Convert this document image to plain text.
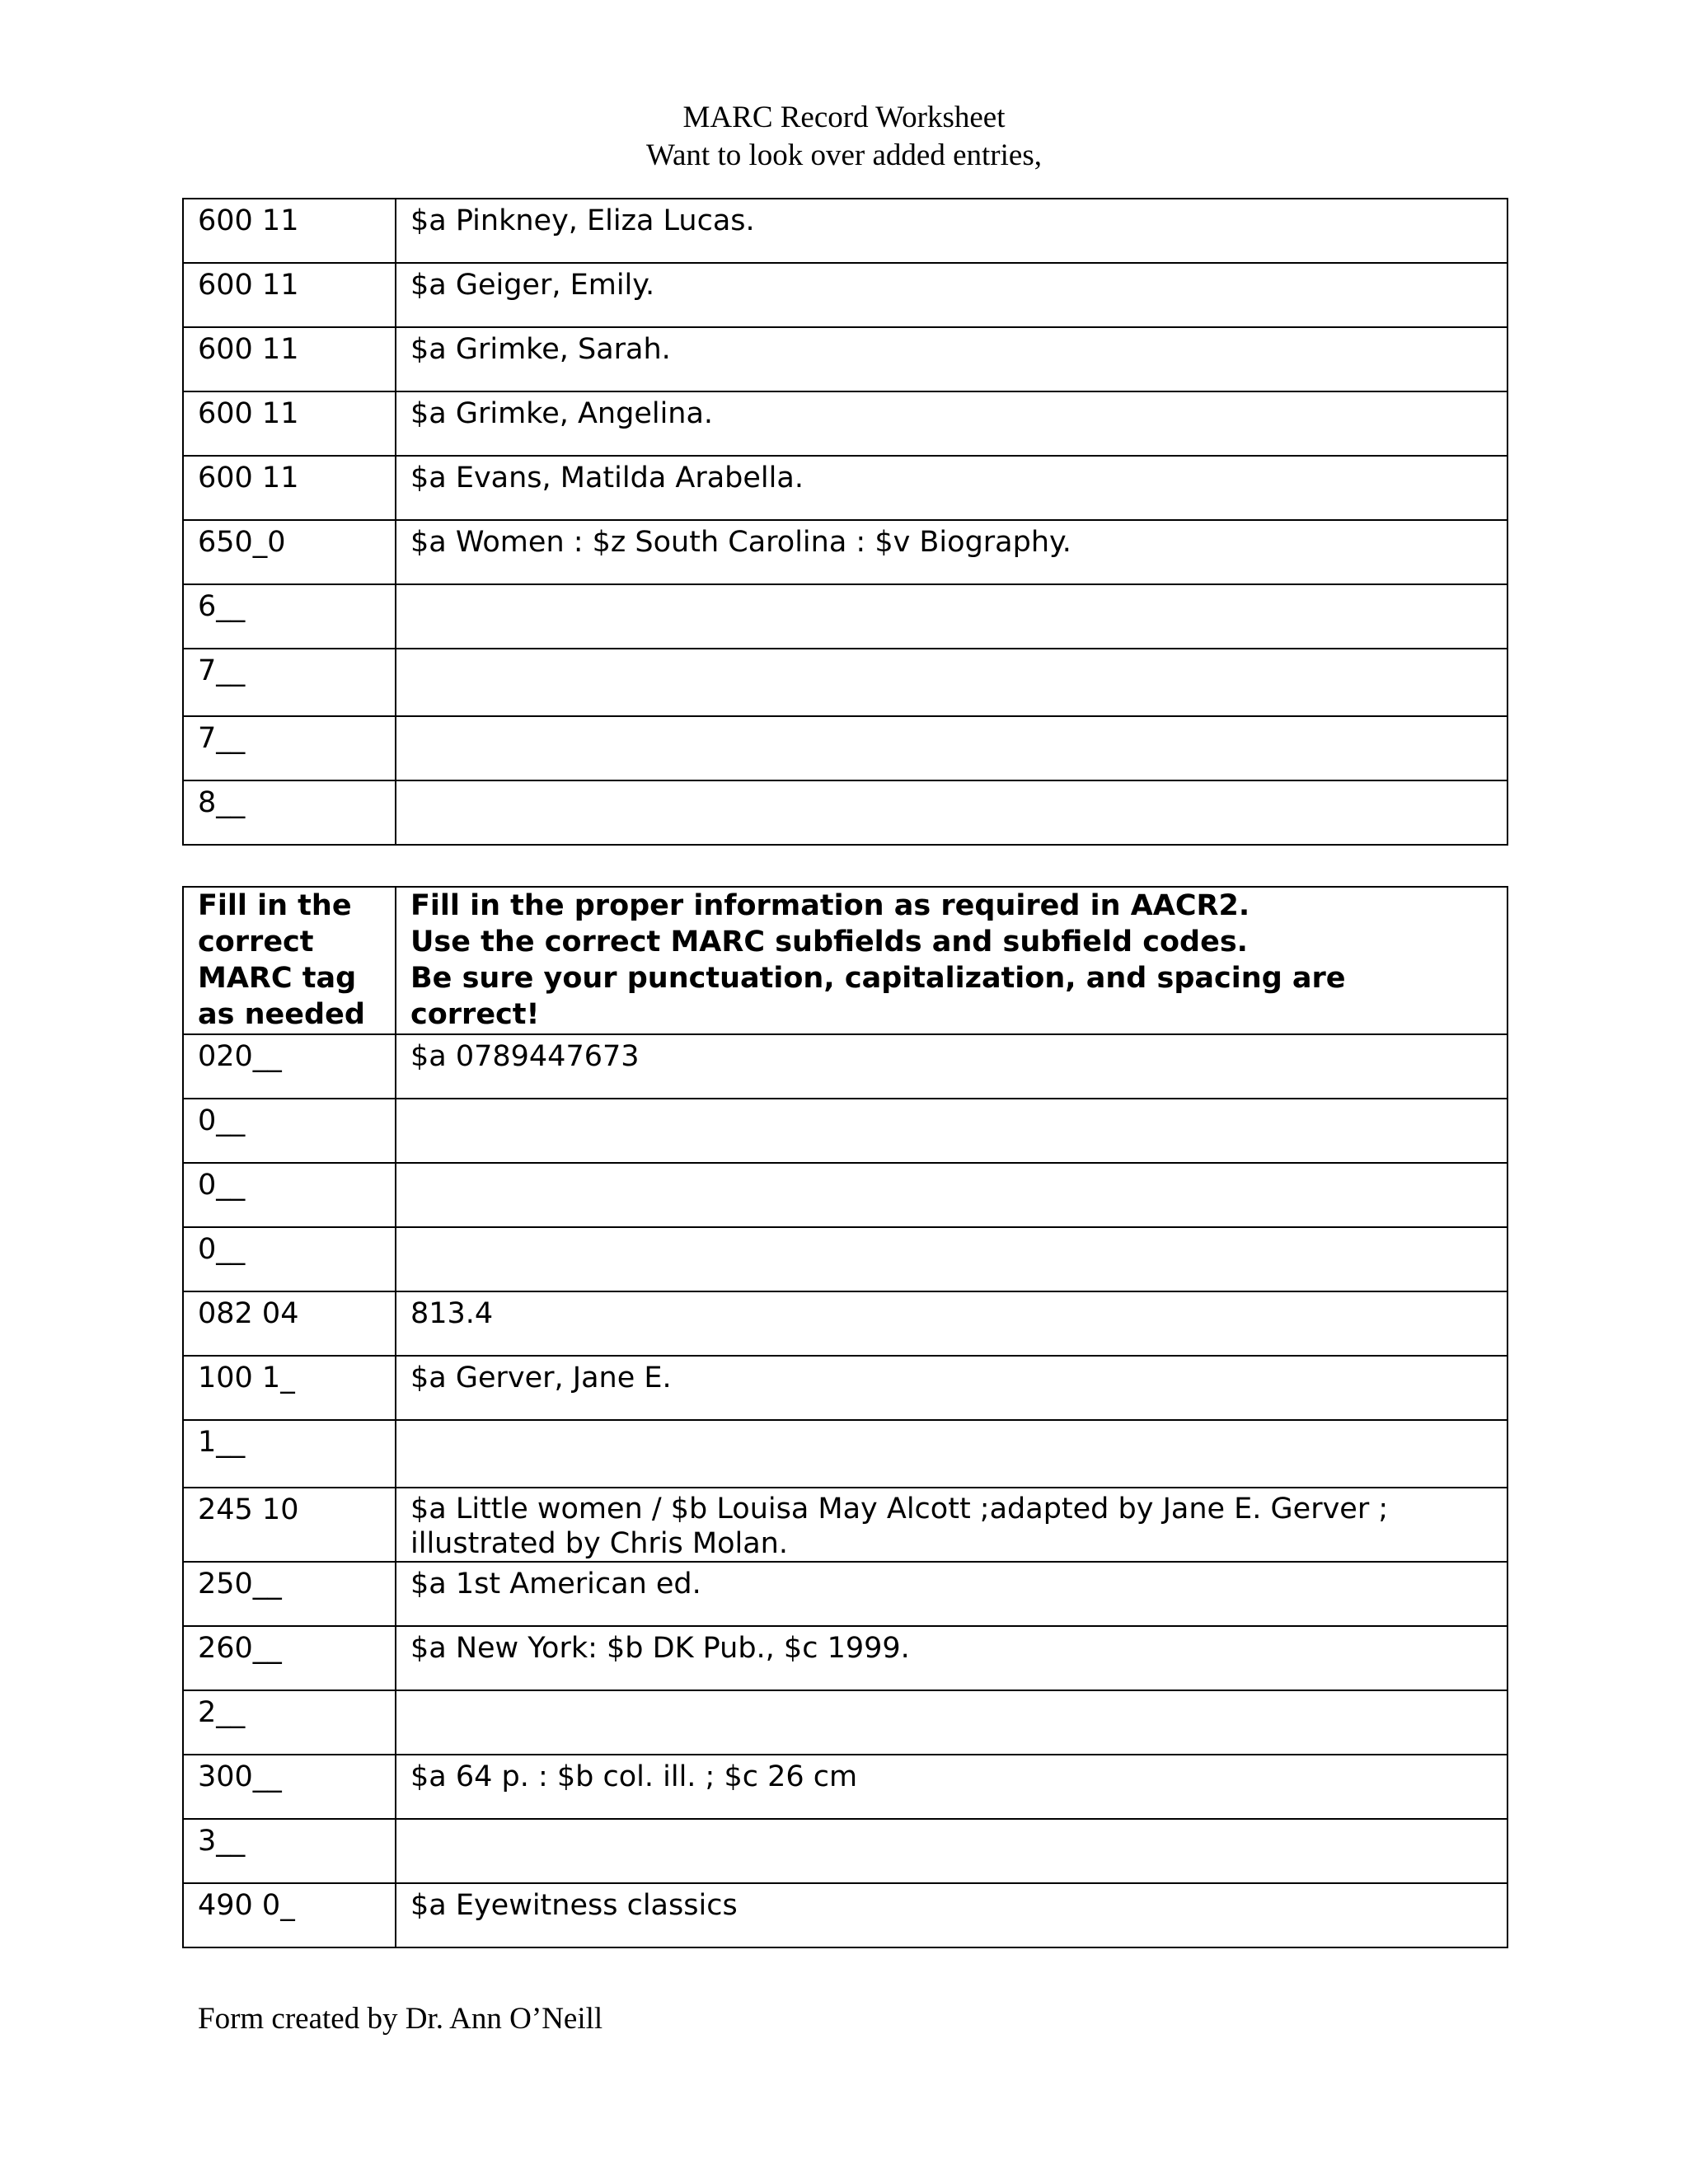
MARC Record Worksheet
Want to look over added entries,
600 11	$a Pinkney, Eliza Lucas.
600 11	$a Geiger, Emily.
600 11	$a Grimke, Sarah.
600 11	$a Grimke, Angelina.
600 11	$a Evans, Matilda Arabella.
650_0	$a Women : $z South Carolina : $v Biography.
6__	
7__	
7__	
8__	
Fill in the
correct
MARC tag
as needed	Fill in the proper information as required in AACR2.
Use the correct MARC subfields and subfield codes.
Be sure your punctuation, capitalization, and spacing are
correct!

020__	$a 0789447673
0__	
0__	
0__	
082 04	813.4
100 1_	$a Gerver, Jane E.
1__	
245 10	$a Little women / $b Louisa May Alcott ;adapted by Jane E. Gerver ;
illustrated by Chris Molan.

250__	$a 1st American ed.
260__	$a New York: $b DK Pub., $c 1999.
2__	
300__	$a 64 p. : $b col. ill. ; $c 26 cm
3__	
490 0_	$a Eyewitness classics
Form created by Dr. Ann O’Neill
